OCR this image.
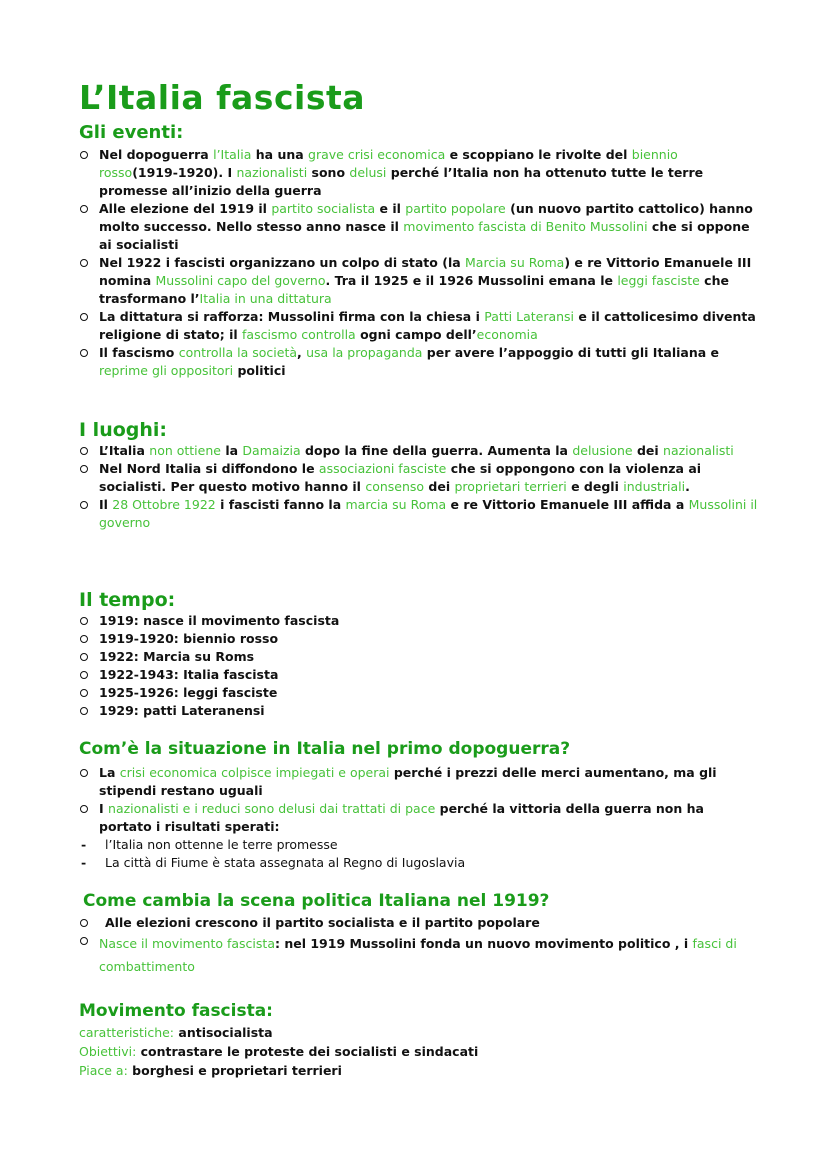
L’Italia fascista
Gli eventi:
Nel dopoguerra l’Italia ha una grave crisi economica e scoppiano le rivolte del biennio rosso(1919-1920). I nazionalisti sono delusi perché l’Italia non ha ottenuto tutte le terre promesse all’inizio della guerra
Alle elezione del 1919 il partito socialista e il partito popolare (un nuovo partito cattolico) hanno molto successo. Nello stesso anno nasce il movimento fascista di Benito Mussolini che si oppone ai socialisti
Nel 1922 i fascisti organizzano un colpo di stato (la Marcia su Roma) e re Vittorio Emanuele III nomina Mussolini capo del governo. Tra il 1925 e il 1926 Mussolini emana le leggi fasciste che trasformano l’Italia in una dittatura
La dittatura si rafforza: Mussolini firma con la chiesa i Patti Lateransi e il cattolicesimo diventa religione di stato; il fascismo controlla ogni campo dell’economia
Il fascismo controlla la società, usa la propaganda per avere l’appoggio di tutti gli Italiana e reprime gli oppositori politici
I luoghi:
L’Italia non ottiene la Damaizia dopo la fine della guerra. Aumenta la delusione dei nazionalisti
Nel Nord Italia si diffondono le associazioni fasciste che si oppongono con la violenza ai socialisti. Per questo motivo hanno il consenso dei proprietari terrieri e degli industriali.
Il 28 Ottobre 1922 i fascisti fanno la marcia su Roma e re Vittorio Emanuele III affida a Mussolini il governo
Il tempo:
1919: nasce il movimento fascista
1919-1920: biennio rosso
1922: Marcia su Roms
1922-1943: Italia fascista
1925-1926: leggi fasciste
1929: patti Lateranensi
Com’è la situazione in Italia nel primo dopoguerra?
La crisi economica colpisce impiegati e operai perché i prezzi delle merci aumentano, ma gli stipendi restano uguali
I nazionalisti e i reduci sono delusi dai trattati di pace perché la vittoria della guerra non ha portato i risultati sperati:
- l’Italia non ottenne le terre promesse
- La città di Fiume è stata assegnata al Regno di Iugoslavia
Come cambia la scena politica Italiana nel 1919?
Alle elezioni crescono il partito socialista e il partito popolare
Nasce il movimento fascista: nel 1919 Mussolini fonda un nuovo movimento politico , i fasci di combattimento
Movimento fascista:
caratteristiche: antisocialista
Obiettivi: contrastare le proteste dei socialisti e sindacati
Piace a: borghesi e proprietari terrieri
